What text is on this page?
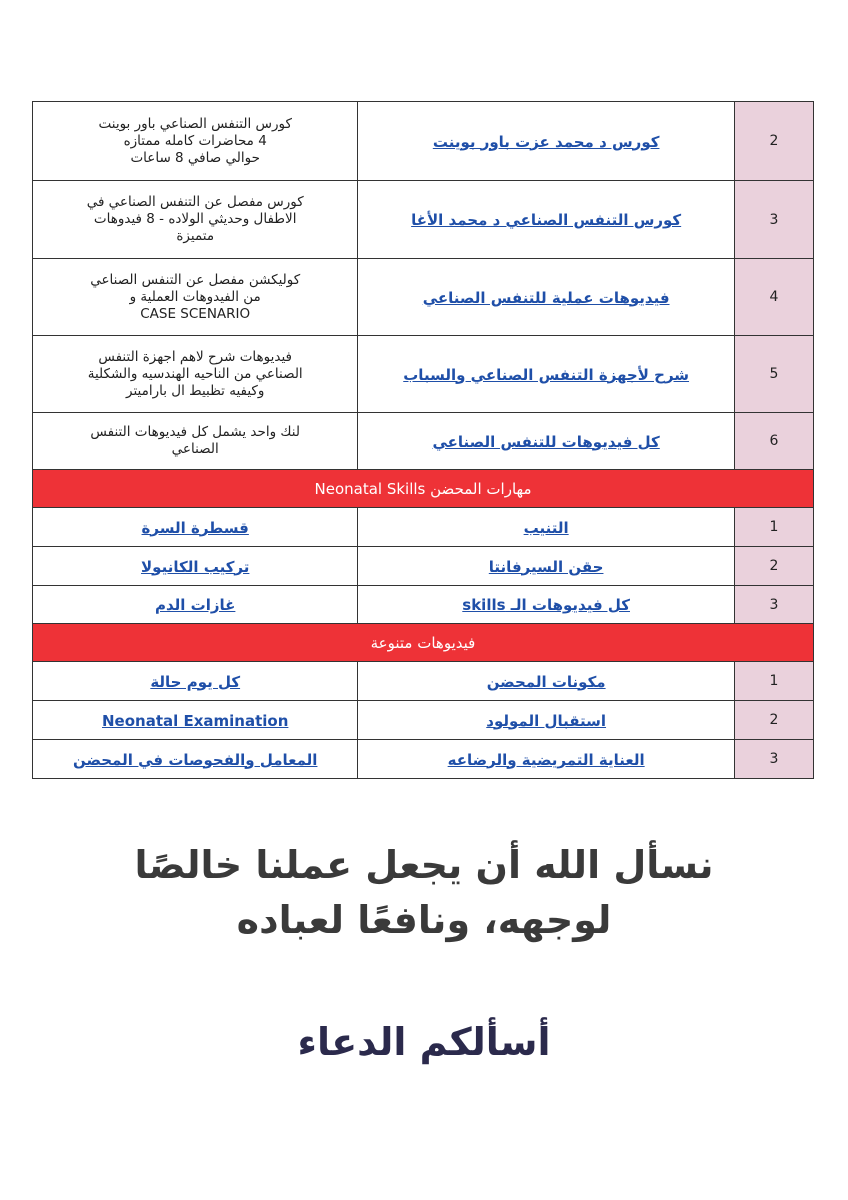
كورس التنفس الصناعي باور بوينت
4 محاضرات كامله ممتازه
حوالي صافي 8 ساعات	كورس د محمد عزت باور بوينت	2

كورس مفصل عن التنفس الصناعي في
الاطفال وحديثي الولاده - 8 فيدوهات
متميزة	كورس التنفس الصناعي د محمد الأغا	3

كوليكشن مفصل عن التنفس الصناعي
من الفيدوهات العملية و
CASE SCENARIO	فيديوهات عملية للتنفس الصناعي	4

فيديوهات شرح لاهم اجهزة التنفس
الصناعي من الناحيه الهندسيه والشكلية
وكيفيه تظبيط ال باراميتر	شرح لأجهزة التنفس الصناعي والسباب	5

لنك واحد يشمل كل فيديوهات التنفس
الصناعي	كل فيديوهات للتنفس الصناعي	6
مهارات المحضن Neonatal Skills		
قسطرة السرة	التنيب	1
تركيب الكانيولا	حقن السيرفانتا	2
غازات الدم	كل فيديوهات الـ skills	3
فيديوهات متنوعة		
كل يوم حالة	مكونات المحضن	1
Neonatal Examination	استقبال المولود	2
المعامل والفحوصات في المحضن	العناية التمريضية والرضاعه	3
نسأل الله أن يجعل عملنا خالصًا
لوجهه، ونافعًا لعباده
أسألكم الدعاء
